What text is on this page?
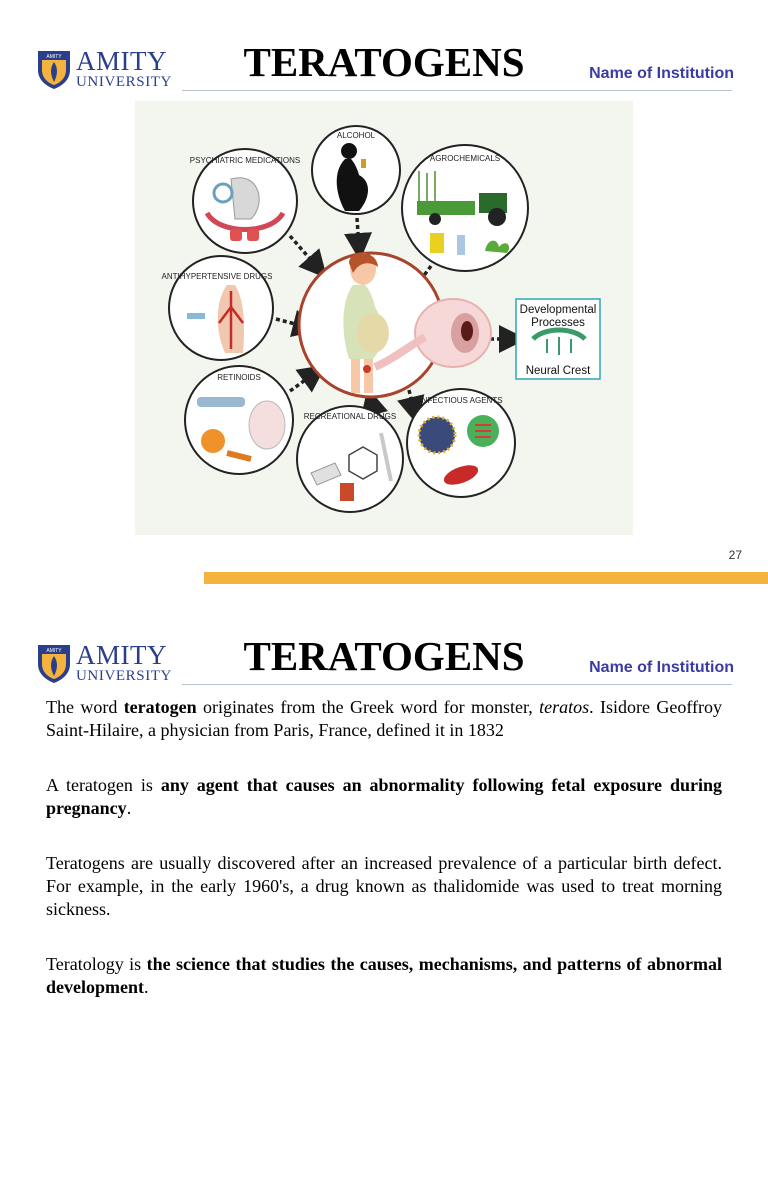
AMITY AMITY
UNIVERSITY	TERATOGENS	Name of Institution
Developmental
Processes
Neural Crest
PSYCHIATRIC MEDICATIONS
ALCOHOL
AGROCHEMICALS
ANTIHYPERTENSIVE DRUGS
RETINOIDS
RECREATIONAL DRUGS
INFECTIOUS AGENTS
27
AMITY AMITY
UNIVERSITY	TERATOGENS	Name of Institution

The word teratogen originates from the Greek word for monster, teratos. Isidore Geoffroy Saint-Hilaire, a physician from Paris, France, defined it in 1832

A teratogen is any agent that causes an abnormality following fetal exposure during pregnancy.

Teratogens are usually discovered after an increased prevalence of a particular birth defect. For example, in the early 1960's, a drug known as thalidomide was used to treat morning sickness.

Teratology is the science that studies the causes, mechanisms, and patterns of abnormal development.
